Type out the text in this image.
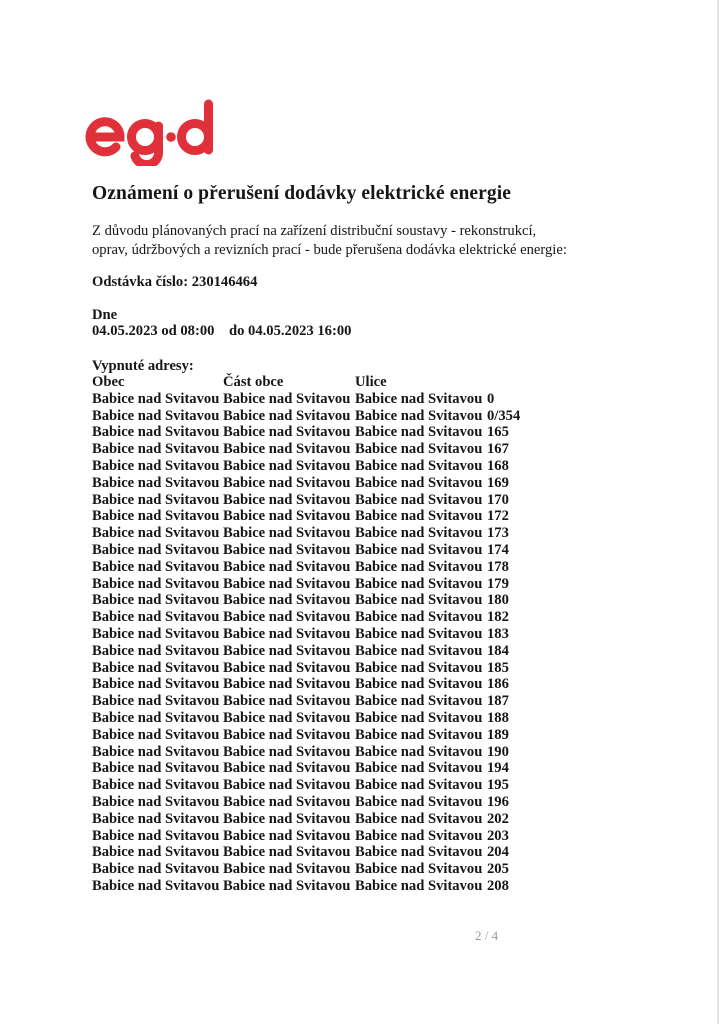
Oznámení o přerušení dodávky elektrické energie
Z důvodu plánovaných prací na zařízení distribuční soustavy - rekonstrukcí, oprav, údržbových a revizních prací - bude přerušena dodávka elektrické energie:
Odstávka číslo: 230146464
Dne
04.05.2023 od 08:00 do 04.05.2023 16:00
Vypnuté adresy:
Obec	Část obce	Ulice
Babice nad Svitavou Babice nad Svitavou Babice nad Svitavou 0
Babice nad Svitavou Babice nad Svitavou Babice nad Svitavou 0/354
Babice nad Svitavou Babice nad Svitavou Babice nad Svitavou 165
Babice nad Svitavou Babice nad Svitavou Babice nad Svitavou 167
Babice nad Svitavou Babice nad Svitavou Babice nad Svitavou 168
Babice nad Svitavou Babice nad Svitavou Babice nad Svitavou 169
Babice nad Svitavou Babice nad Svitavou Babice nad Svitavou 170
Babice nad Svitavou Babice nad Svitavou Babice nad Svitavou 172
Babice nad Svitavou Babice nad Svitavou Babice nad Svitavou 173
Babice nad Svitavou Babice nad Svitavou Babice nad Svitavou 174
Babice nad Svitavou Babice nad Svitavou Babice nad Svitavou 178
Babice nad Svitavou Babice nad Svitavou Babice nad Svitavou 179
Babice nad Svitavou Babice nad Svitavou Babice nad Svitavou 180
Babice nad Svitavou Babice nad Svitavou Babice nad Svitavou 182
Babice nad Svitavou Babice nad Svitavou Babice nad Svitavou 183
Babice nad Svitavou Babice nad Svitavou Babice nad Svitavou 184
Babice nad Svitavou Babice nad Svitavou Babice nad Svitavou 185
Babice nad Svitavou Babice nad Svitavou Babice nad Svitavou 186
Babice nad Svitavou Babice nad Svitavou Babice nad Svitavou 187
Babice nad Svitavou Babice nad Svitavou Babice nad Svitavou 188
Babice nad Svitavou Babice nad Svitavou Babice nad Svitavou 189
Babice nad Svitavou Babice nad Svitavou Babice nad Svitavou 190
Babice nad Svitavou Babice nad Svitavou Babice nad Svitavou 194
Babice nad Svitavou Babice nad Svitavou Babice nad Svitavou 195
Babice nad Svitavou Babice nad Svitavou Babice nad Svitavou 196
Babice nad Svitavou Babice nad Svitavou Babice nad Svitavou 202
Babice nad Svitavou Babice nad Svitavou Babice nad Svitavou 203
Babice nad Svitavou Babice nad Svitavou Babice nad Svitavou 204
Babice nad Svitavou Babice nad Svitavou Babice nad Svitavou 205
Babice nad Svitavou Babice nad Svitavou Babice nad Svitavou 208
2 / 4
